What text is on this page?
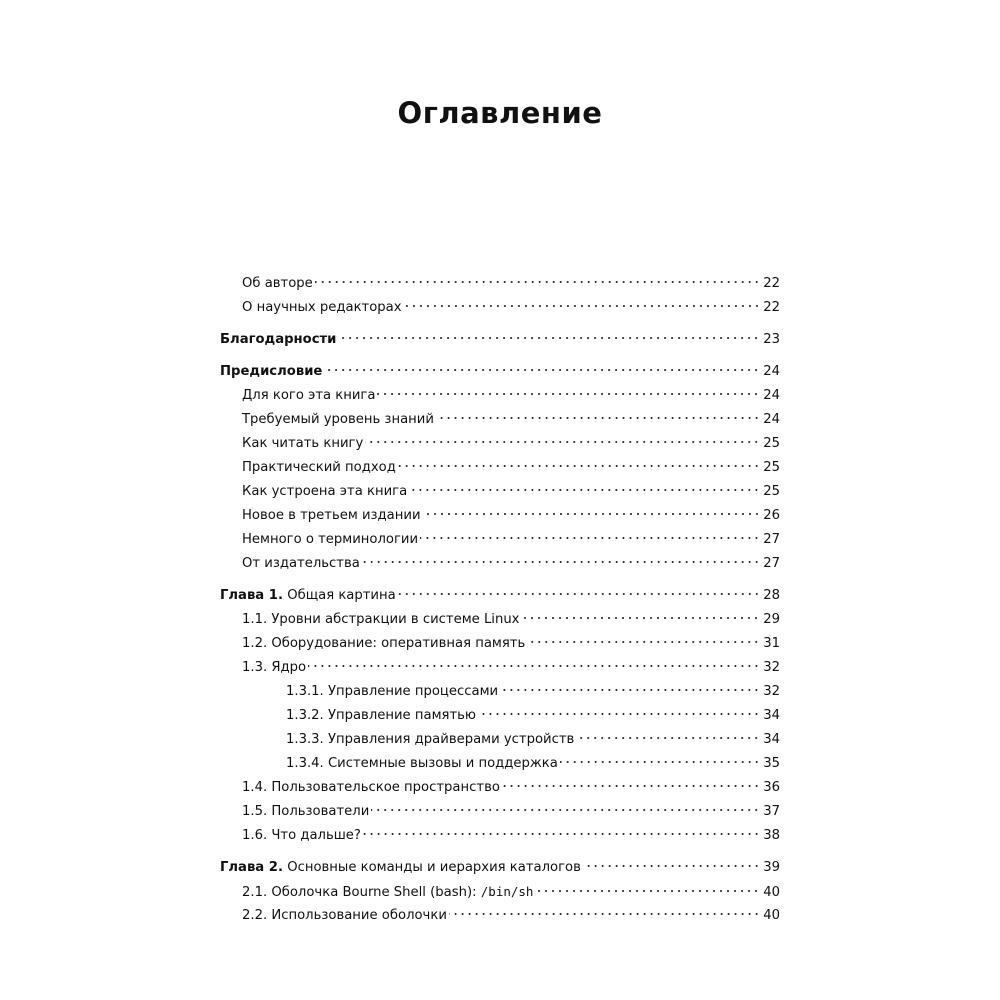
Оглавление
Об авторе	22
О научных редакторах	22
Благодарности	23
Предисловие	24
Для кого эта книга	24
Требуемый уровень знаний	24
Как читать книгу	25
Практический подход	25
Как устроена эта книга	25
Новое в третьем издании	26
Немного о терминологии	27
От издательства	27
Глава 1. Общая картина	28
1.1. Уровни абстракции в системе Linux	29
1.2. Оборудование: оперативная память	31
1.3. Ядро	32
1.3.1. Управление процессами	32
1.3.2. Управление памятью	34
1.3.3. Управления драйверами устройств	34
1.3.4. Системные вызовы и поддержка	35
1.4. Пользовательское пространство	36
1.5. Пользователи	37
1.6. Что дальше?	38
Глава 2. Основные команды и иерархия каталогов	39
2.1. Оболочка Bourne Shell (bash): /bin/sh	40
2.2. Использование оболочки	40
